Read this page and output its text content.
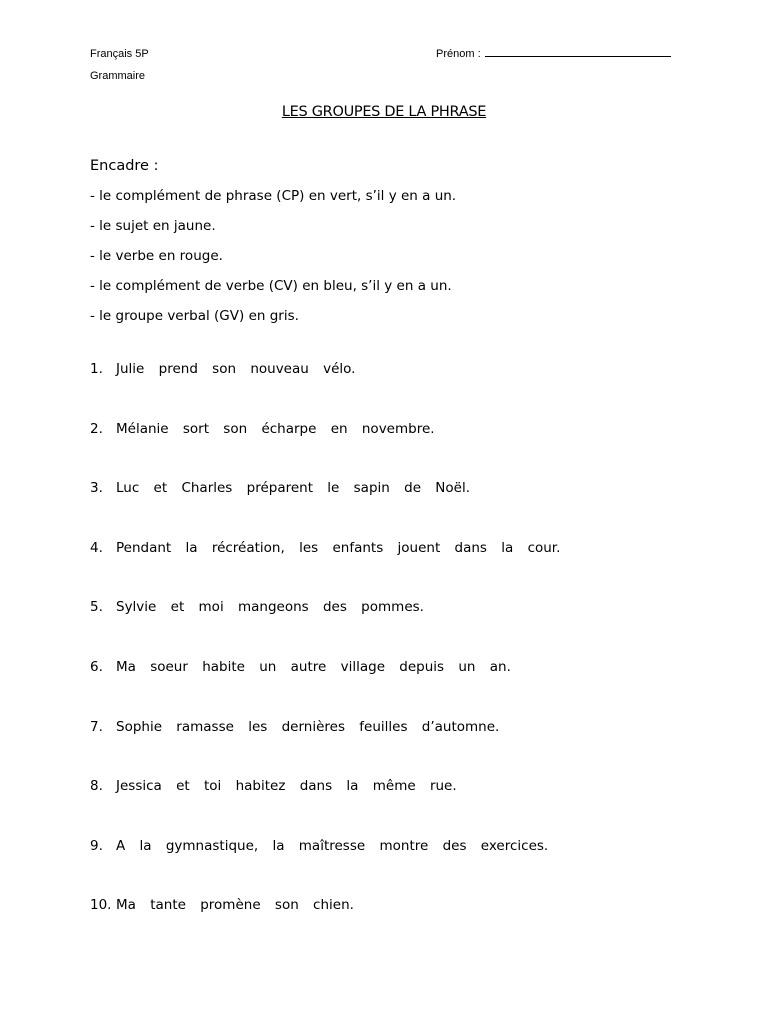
Français 5P
Grammaire
Prénom :
LES GROUPES DE LA PHRASE
Encadre :
- le complément de phrase (CP) en vert, s’il y en a un.
- le sujet en jaune.
- le verbe en rouge.
- le complément de verbe (CV) en bleu, s’il y en a un.
- le groupe verbal (GV) en gris.
1. Julie prend son nouveau vélo.
2. Mélanie sort son écharpe en novembre.
3. Luc et Charles préparent le sapin de Noël.
4. Pendant la récréation, les enfants jouent dans la cour.
5. Sylvie et moi mangeons des pommes.
6. Ma soeur habite un autre village depuis un an.
7. Sophie ramasse les dernières feuilles d’automne.
8. Jessica et toi habitez dans la même rue.
9. A la gymnastique, la maîtresse montre des exercices.
10. Ma tante promène son chien.
